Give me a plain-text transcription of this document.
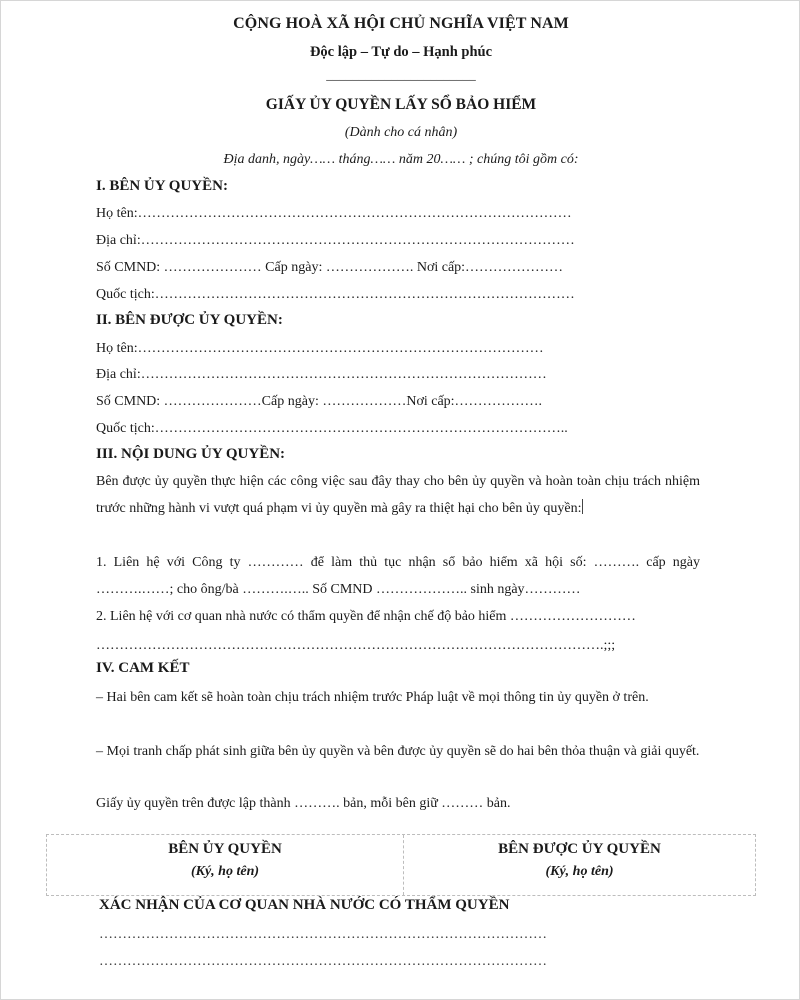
CỘNG HOÀ XÃ HỘI CHỦ NGHĨA VIỆT NAM
Độc lập – Tự do – Hạnh phúc
_______________________
GIẤY ỦY QUYỀN LẤY SỔ BẢO HIỂM
(Dành cho cá nhân)
Địa danh, ngày…… tháng…… năm 20…… ; chúng tôi gồm có:
I. BÊN ỦY QUYỀN:
Họ tên:…………………………………………………………………………………
Địa chỉ:…………………………………………………………………………………
Số CMND: ………………… Cấp ngày: ………………. Nơi cấp:…………………
Quốc tịch:………………………………………………………………………………
II. BÊN ĐƯỢC ỦY QUYỀN:
Họ tên:……………………………………………………………………………
Địa chỉ:……………………………………………………………………………
Số CMND: …………………Cấp ngày: ………………Nơi cấp:……………….
Quốc tịch:……………………………………………………………………………..
III. NỘI DUNG ỦY QUYỀN:
Bên được ủy quyền thực hiện các công việc sau đây thay cho bên ủy quyền và hoàn toàn chịu trách nhiệm trước những hành vi vượt quá phạm vi ủy quyền mà gây ra thiệt hại cho bên ủy quyền:
1. Liên hệ với Công ty ………… để làm thủ tục nhận sổ bảo hiểm xã hội số: ………. cấp ngày ……….……; cho ông/bà ……….….. Số CMND ……………….. sinh ngày…………
2. Liên hệ với cơ quan nhà nước có thẩm quyền để nhận chế độ bảo hiểm ………………………
……………………………………………………………………………………………….;;;
IV. CAM KẾT
– Hai bên cam kết sẽ hoàn toàn chịu trách nhiệm trước Pháp luật về mọi thông tin ủy quyền ở trên.
– Mọi tranh chấp phát sinh giữa bên ủy quyền và bên được ủy quyền sẽ do hai bên thỏa thuận và giải quyết.
Giấy ủy quyền trên được lập thành ………. bản, mỗi bên giữ ……… bản.
BÊN ỦY QUYỀN
(Ký, họ tên)
BÊN ĐƯỢC ỦY QUYỀN
(Ký, họ tên)
XÁC NHẬN CỦA CƠ QUAN NHÀ NƯỚC CÓ THẨM QUYỀN
……………………………………………………………………………………
……………………………………………………………………………………
